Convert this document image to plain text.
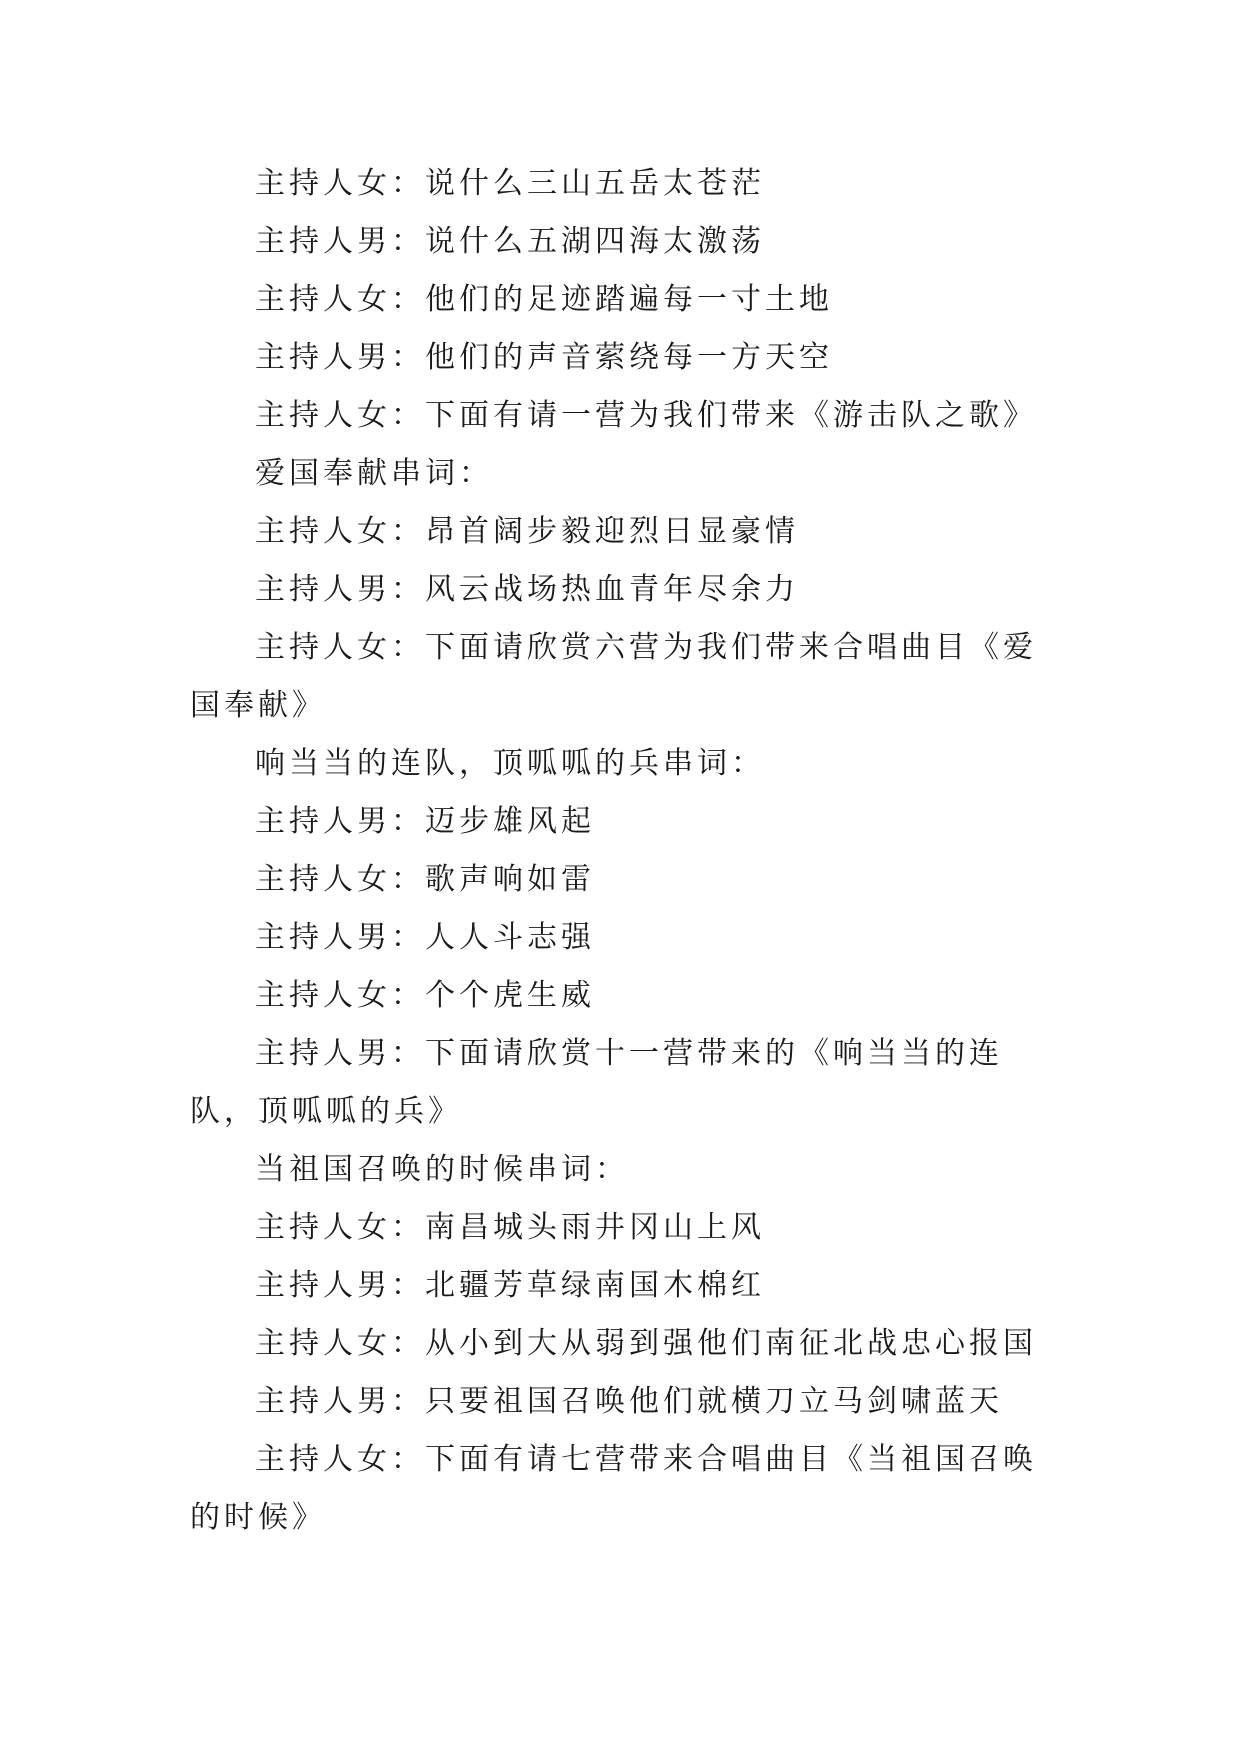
主持人女：说什么三山五岳太苍茫

主持人男：说什么五湖四海太激荡

主持人女：他们的足迹踏遍每一寸土地

主持人男：他们的声音萦绕每一方天空

主持人女：下面有请一营为我们带来《游击队之歌》

爱国奉献串词：

主持人女：昂首阔步毅迎烈日显豪情

主持人男：风云战场热血青年尽余力

主持人女：下面请欣赏六营为我们带来合唱曲目《爱国奉献》

响当当的连队，顶呱呱的兵串词：

主持人男：迈步雄风起

主持人女：歌声响如雷

主持人男：人人斗志强

主持人女：个个虎生威

主持人男：下面请欣赏十一营带来的《响当当的连队，顶呱呱的兵》

当祖国召唤的时候串词：

主持人女：南昌城头雨井冈山上风

主持人男：北疆芳草绿南国木棉红

主持人女：从小到大从弱到强他们南征北战忠心报国

主持人男：只要祖国召唤他们就横刀立马剑啸蓝天

主持人女：下面有请七营带来合唱曲目《当祖国召唤的时候》
